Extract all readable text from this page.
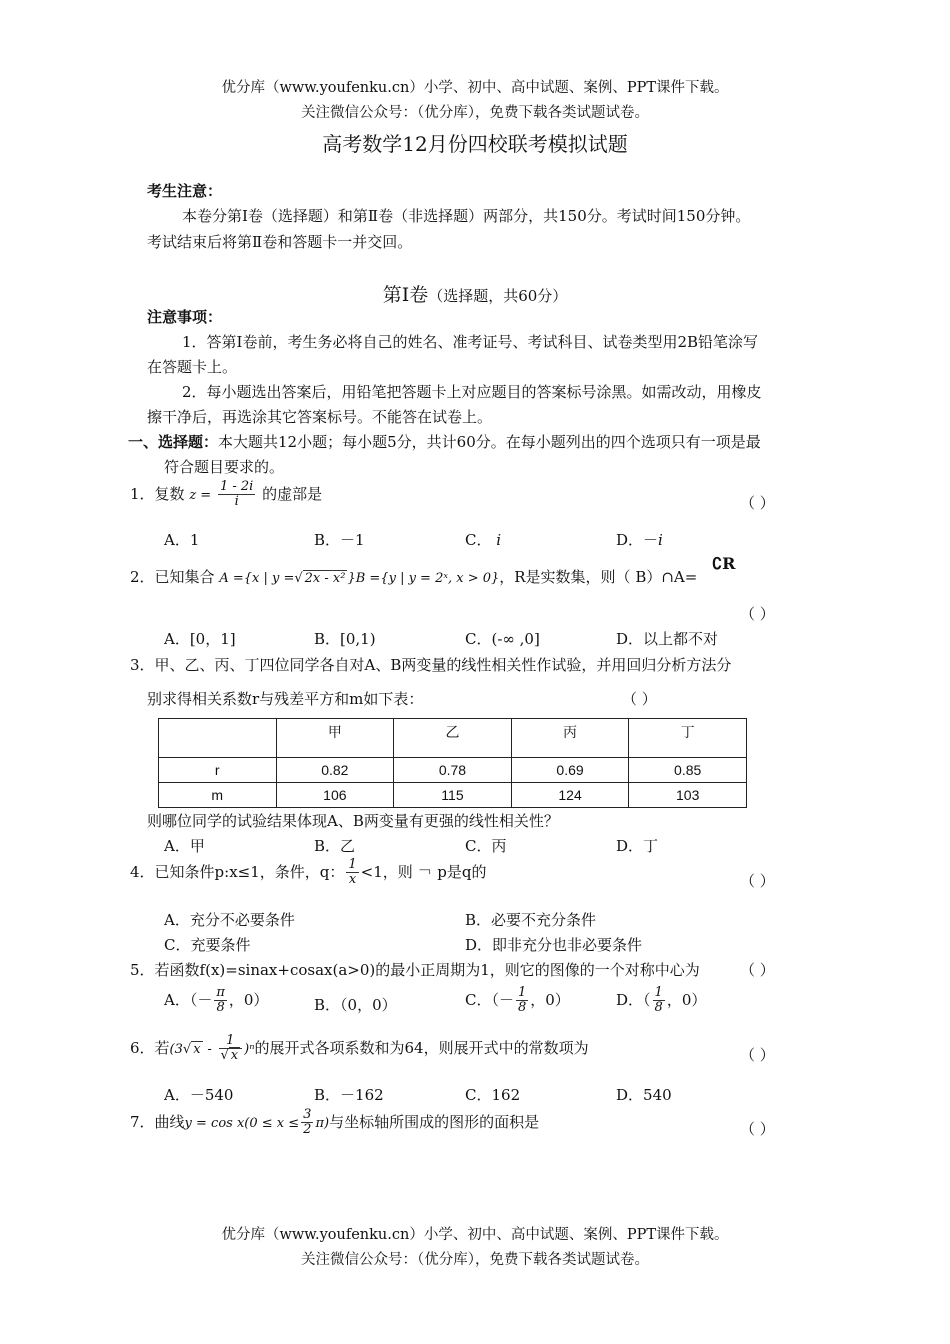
优分库（www.youfenku.cn）小学、初中、高中试题、案例、PPT课件下载。
关注微信公众号：（优分库），免费下载各类试题试卷。
高考数学12月份四校联考模拟试题
考生注意：
本卷分第Ⅰ卷（选择题）和第Ⅱ卷（非选择题）两部分，共150分。考试时间150分钟。
考试结束后将第Ⅱ卷和答题卡一并交回。
第Ⅰ卷（选择题，共60分）
注意事项：
1．答第Ⅰ卷前，考生务必将自己的姓名、准考证号、考试科目、试卷类型用2B铅笔涂写
在答题卡上。
2．每小题选出答案后，用铅笔把答题卡上对应题目的答案标号涂黑。如需改动，用橡皮
擦干净后，再选涂其它答案标号。不能答在试卷上。
一、选择题：本大题共12小题；每小题5分，共计60分。在每小题列出的四个选项只有一项是最
符合题目要求的。
1．复数 $z = \frac{1 - 2i}{i}$ 的虚部是
（ ）
A．1	B．－1	C． i	D．－i
2．已知集合 A ={x | y =√ 2x - x² }B ={y | y = 2ˣ, x > 0}，R是实数集，则（ B）∩A=
∁R
（ ）
A．[0，1]	B．[0,1)	C．(-∞ ,0]	D．以上都不对
3．甲、乙、丙、丁四位同学各自对A、B两变量的线性相关性作试验，并用回归分析方法分
别求得相关系数r与残差平方和m如下表：	（ ）
	甲	乙	丙	丁
r	0.82	0.78	0.69	0.85
m	106	115	124	103
则哪位同学的试验结果体现A、B两变量有更强的线性相关性？
A．甲	B．乙	C．丙	D．丁
4．已知条件p:x≤1，条件，q： $\frac{1}{x} <1$，则 ￢ p是q的
（ ）
A．充分不必要条件	B．必要不充分条件
C．充要条件	D．即非充分也非必要条件
5．若函数f(x)=sinax+cosax(a>0)的最小正周期为1，则它的图像的一个对称中心为	（ ）
A．（－ $\frac{\pi}{8}$ ，0）	B．（0，0）	C．（－ $\frac{1}{8}$ ，0）	D．（ $\frac{1}{8}$ ，0）
6．若(3√ x - $\frac{1}{√ x} )^n$的展开式各项系数和为64，则展开式中的常数项为	（ ）
A．－540	B．－162	C．162	D．540
7．曲线$y = \cos x(0 \le x \le \frac{3}{2} \pi)$与坐标轴所围成的图形的面积是	（ ）
优分库（www.youfenku.cn）小学、初中、高中试题、案例、PPT课件下载。
关注微信公众号：（优分库），免费下载各类试题试卷。
